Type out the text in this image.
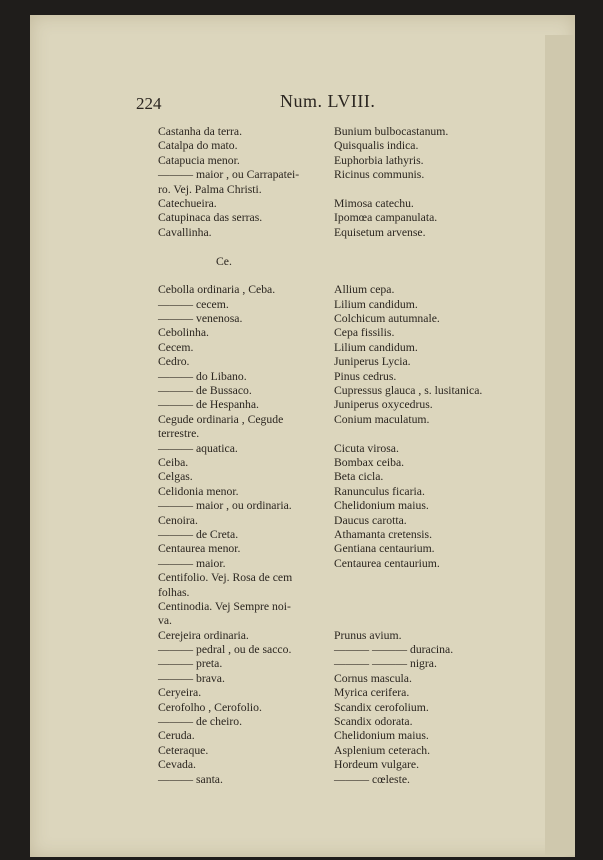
224	Num. LVIII.
Castanha da terra.
Catalpa do mato.
Catapucia menor.
——— maior , ou Carrapatei-
ro. Vej. Palma Christi.
Catechueira.
Catupinaca das serras.
Cavallinha.
Ce.
Cebolla ordinaria , Ceba.
——— cecem.
——— venenosa.
Cebolinha.
Cecem.
Cedro.
——— do Libano.
——— de Bussaco.
——— de Hespanha.
Cegude ordinaria , Cegude
terrestre.
——— aquatica.
Ceiba.
Celgas.
Celidonia menor.
——— maior , ou ordinaria.
Cenoira.
——— de Creta.
Centaurea menor.
——— maior.
Centifolio. Vej. Rosa de cem
folhas.
Centinodia. Vej Sempre noi-
va.
Cerejeira ordinaria.
——— pedral , ou de sacco.
——— preta.
——— brava.
Ceryeira.
Cerofolho , Cerofolio.
——— de cheiro.
Ceruda.
Ceteraque.
Cevada.
——— santa.
Bunium bulbocastanum.
Quisqualis indica.
Euphorbia lathyris.
Ricinus communis.
Mimosa catechu.
Ipomœa campanulata.
Equisetum arvense.
Allium cepa.
Lilium candidum.
Colchicum autumnale.
Cepa fissilis.
Lilium candidum.
Juniperus Lycia.
Pinus cedrus.
Cupressus glauca , s. lusitanica.
Juniperus oxycedrus.
Conium maculatum.
Cicuta virosa.
Bombax ceiba.
Beta cicla.
Ranunculus ficaria.
Chelidonium maius.
Daucus carotta.
Athamanta cretensis.
Gentiana centaurium.
Centaurea centaurium.
Prunus avium.
——— ——— duracina.
——— ——— nigra.
Cornus mascula.
Myrica cerifera.
Scandix cerofolium.
Scandix odorata.
Chelidonium maius.
Asplenium ceterach.
Hordeum vulgare.
——— cœleste.
